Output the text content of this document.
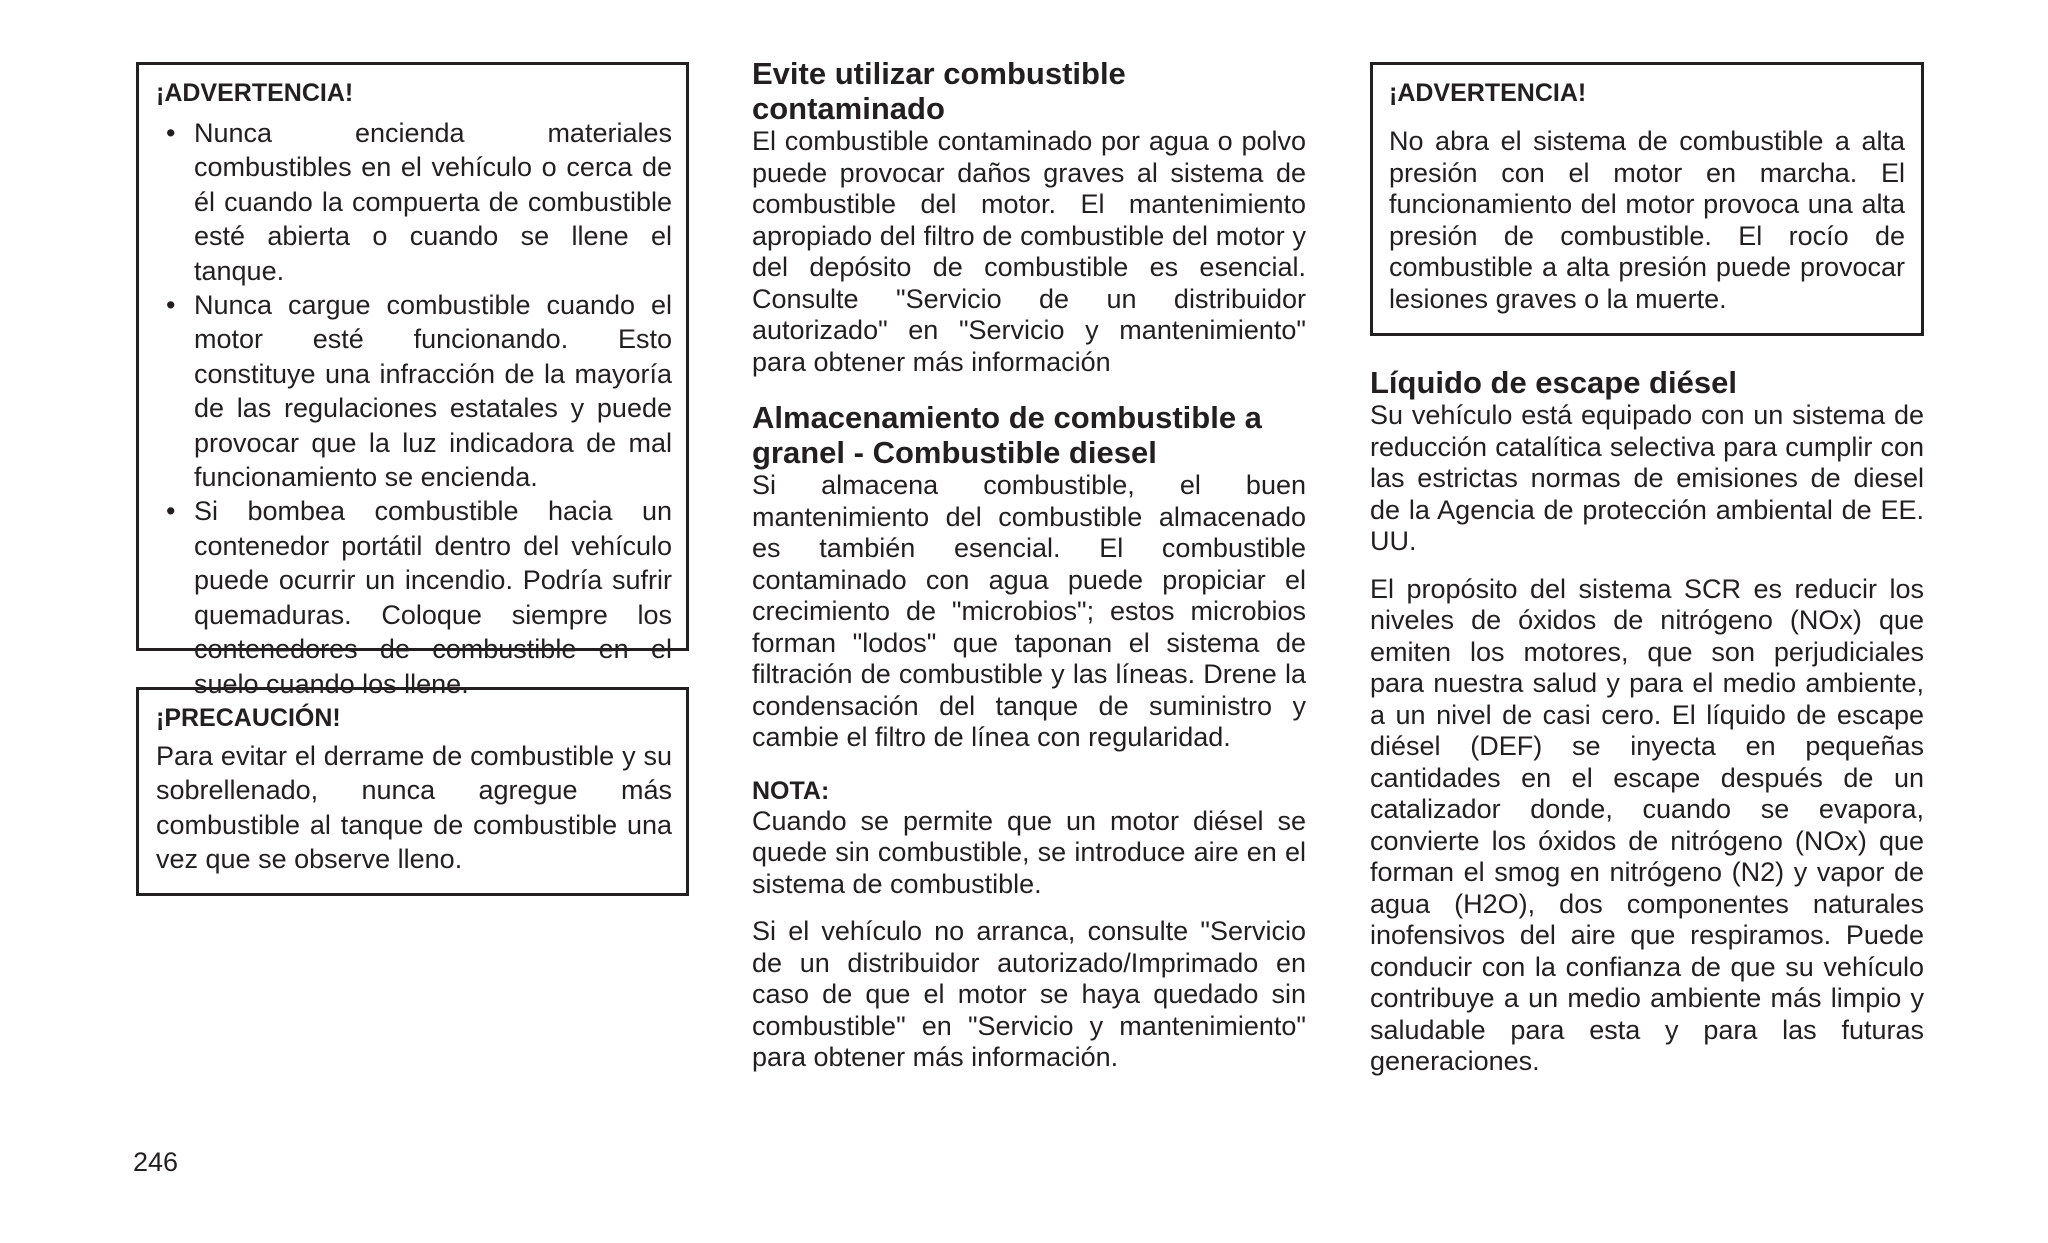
¡ADVERTENCIA!

• Nunca encienda materiales combustibles en el vehículo o cerca de él cuando la compuerta de combustible esté abierta o cuando se llene el tanque.
• Nunca cargue combustible cuando el motor esté funcionando. Esto constituye una infracción de la mayoría de las regulaciones estatales y puede provocar que la luz indicadora de mal funcionamiento se encienda.
• Si bombea combustible hacia un contenedor portátil dentro del vehículo puede ocurrir un incendio. Podría sufrir quemaduras. Coloque siempre los contenedores de combustible en el suelo cuando los llene.

¡PRECAUCIÓN!

Para evitar el derrame de combustible y su sobrellenado, nunca agregue más combustible al tanque de combustible una vez que se observe lleno.

Evite utilizar combustible contaminado

El combustible contaminado por agua o polvo puede provocar daños graves al sistema de combustible del motor. El mantenimiento apropiado del filtro de combustible del motor y del depósito de combustible es esencial. Consulte "Servicio de un distribuidor autorizado" en "Servicio y mantenimiento" para obtener más información

Almacenamiento de combustible a granel - Combustible diesel

Si almacena combustible, el buen mantenimiento del combustible almacenado es también esencial. El combustible contaminado con agua puede propiciar el crecimiento de "microbios"; estos microbios forman "lodos" que taponan el sistema de filtración de combustible y las líneas. Drene la condensación del tanque de suministro y cambie el filtro de línea con regularidad.

NOTA:

Cuando se permite que un motor diésel se quede sin combustible, se introduce aire en el sistema de combustible.

Si el vehículo no arranca, consulte "Servicio de un distribuidor autorizado/Imprimado en caso de que el motor se haya quedado sin combustible" en "Servicio y mantenimiento" para obtener más información.

¡ADVERTENCIA!

No abra el sistema de combustible a alta presión con el motor en marcha. El funcionamiento del motor provoca una alta presión de combustible. El rocío de combustible a alta presión puede provocar lesiones graves o la muerte.

Líquido de escape diésel

Su vehículo está equipado con un sistema de reducción catalítica selectiva para cumplir con las estrictas normas de emisiones de diesel de la Agencia de protección ambiental de EE. UU.

El propósito del sistema SCR es reducir los niveles de óxidos de nitrógeno (NOx) que emiten los motores, que son perjudiciales para nuestra salud y para el medio ambiente, a un nivel de casi cero. El líquido de escape diésel (DEF) se inyecta en pequeñas cantidades en el escape después de un catalizador donde, cuando se evapora, convierte los óxidos de nitrógeno (NOx) que forman el smog en nitrógeno (N2) y vapor de agua (H2O), dos componentes naturales inofensivos del aire que respiramos. Puede conducir con la confianza de que su vehículo contribuye a un medio ambiente más limpio y saludable para esta y para las futuras generaciones.

246
